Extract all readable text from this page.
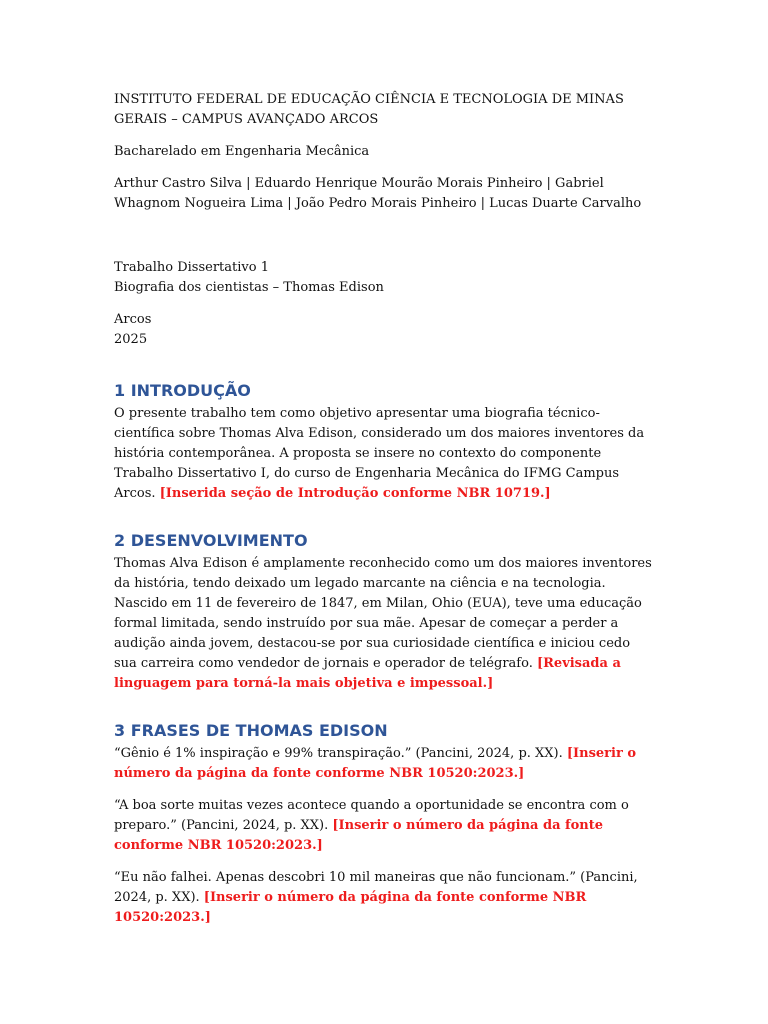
INSTITUTO FEDERAL DE EDUCAÇÃO CIÊNCIA E TECNOLOGIA DE MINAS GERAIS – CAMPUS AVANÇADO ARCOS

Bacharelado em Engenharia Mecânica

Arthur Castro Silva | Eduardo Henrique Mourão Morais Pinheiro | Gabriel Whagnom Nogueira Lima | João Pedro Morais Pinheiro | Lucas Duarte Carvalho

Trabalho Dissertativo 1

Biografia dos cientistas – Thomas Edison

Arcos

2025

1 INTRODUÇÃO

O presente trabalho tem como objetivo apresentar uma biografia técnico-científica sobre Thomas Alva Edison, considerado um dos maiores inventores da história contemporânea. A proposta se insere no contexto do componente Trabalho Dissertativo I, do curso de Engenharia Mecânica do IFMG Campus Arcos. [Inserida seção de Introdução conforme NBR 10719.]

2 DESENVOLVIMENTO

Thomas Alva Edison é amplamente reconhecido como um dos maiores inventores da história, tendo deixado um legado marcante na ciência e na tecnologia. Nascido em 11 de fevereiro de 1847, em Milan, Ohio (EUA), teve uma educação formal limitada, sendo instruído por sua mãe. Apesar de começar a perder a audição ainda jovem, destacou-se por sua curiosidade científica e iniciou cedo sua carreira como vendedor de jornais e operador de telégrafo. [Revisada a linguagem para torná-la mais objetiva e impessoal.]

3 FRASES DE THOMAS EDISON

“Gênio é 1% inspiração e 99% transpiração.” (Pancini, 2024, p. XX). [Inserir o número da página da fonte conforme NBR 10520:2023.]

“A boa sorte muitas vezes acontece quando a oportunidade se encontra com o preparo.” (Pancini, 2024, p. XX). [Inserir o número da página da fonte conforme NBR 10520:2023.]

“Eu não falhei. Apenas descobri 10 mil maneiras que não funcionam.” (Pancini, 2024, p. XX). [Inserir o número da página da fonte conforme NBR 10520:2023.]
